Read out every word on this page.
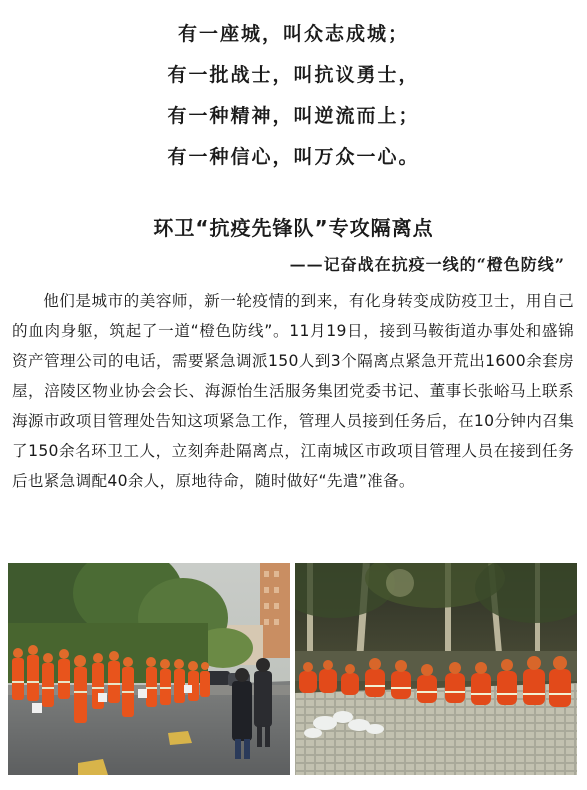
有一座城，叫众志成城；
有一批战士，叫抗议勇士，
有一种精神，叫逆流而上；
有一种信心，叫万众一心。
环卫“抗疫先锋队”专攻隔离点
——记奋战在抗疫一线的“橙色防线”
他们是城市的美容师，新一轮疫情的到来，有化身转变成防疫卫士，用自己的血肉身躯，筑起了一道“橙色防线”。11月19日，接到马鞍街道办事处和盛锦资产管理公司的电话，需要紧急调派150人到3个隔离点紧急开荒出1600余套房屋，涪陵区物业协会会长、海源怡生活服务集团党委书记、董事长张峪马上联系海源市政项目管理处告知这项紧急工作，管理人员接到任务后，在10分钟内召集了150余名环卫工人，立刻奔赴隔离点，江南城区市政项目管理人员在接到任务后也紧急调配40余人，原地待命，随时做好“先遣”准备。
